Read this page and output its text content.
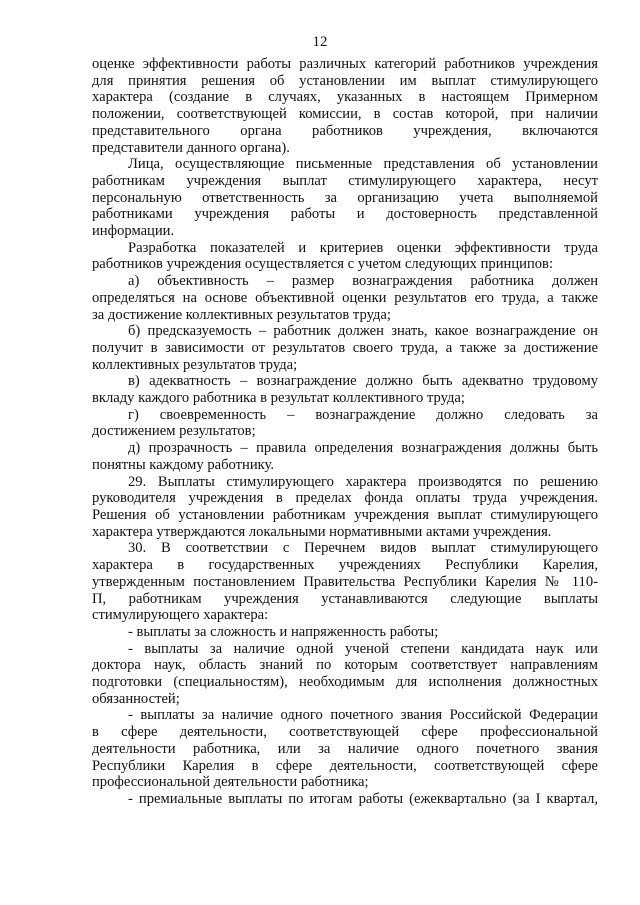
12
оценке эффективности работы различных категорий работников учреждения
для принятия решения об установлении им выплат стимулирующего
характера (создание в случаях, указанных в настоящем Примерном
положении, соответствующей комиссии, в состав которой, при наличии
представительного органа работников учреждения, включаются
представители данного органа).
Лица, осуществляющие письменные представления об установлении
работникам учреждения выплат стимулирующего характера, несут
персональную ответственность за организацию учета выполняемой
работниками учреждения работы и достоверность представленной
информации.
Разработка показателей и критериев оценки эффективности труда
работников учреждения осуществляется с учетом следующих принципов:
а) объективность – размер вознаграждения работника должен
определяться на основе объективной оценки результатов его труда, а также
за достижение коллективных результатов труда;
б) предсказуемость – работник должен знать, какое вознаграждение он
получит в зависимости от результатов своего труда, а также за достижение
коллективных результатов труда;
в) адекватность – вознаграждение должно быть адекватно трудовому
вкладу каждого работника в результат коллективного труда;
г) своевременность – вознаграждение должно следовать за
достижением результатов;
д) прозрачность – правила определения вознаграждения должны быть
понятны каждому работнику.
29. Выплаты стимулирующего характера производятся по решению
руководителя учреждения в пределах фонда оплаты труда учреждения.
Решения об установлении работникам учреждения выплат стимулирующего
характера утверждаются локальными нормативными актами учреждения.
30. В соответствии с Перечнем видов выплат стимулирующего
характера в государственных учреждениях Республики Карелия,
утвержденным постановлением Правительства Республики Карелия № 110-
П, работникам учреждения устанавливаются следующие выплаты
стимулирующего характера:
- выплаты за сложность и напряженность работы;
- выплаты за наличие одной ученой степени кандидата наук или
доктора наук, область знаний по которым соответствует направлениям
подготовки (специальностям), необходимым для исполнения должностных
обязанностей;
- выплаты за наличие одного почетного звания Российской Федерации
в сфере деятельности, соответствующей сфере профессиональной
деятельности работника, или за наличие одного почетного звания
Республики Карелия в сфере деятельности, соответствующей сфере
профессиональной деятельности работника;
- премиальные выплаты по итогам работы (ежеквартально (за I квартал,
